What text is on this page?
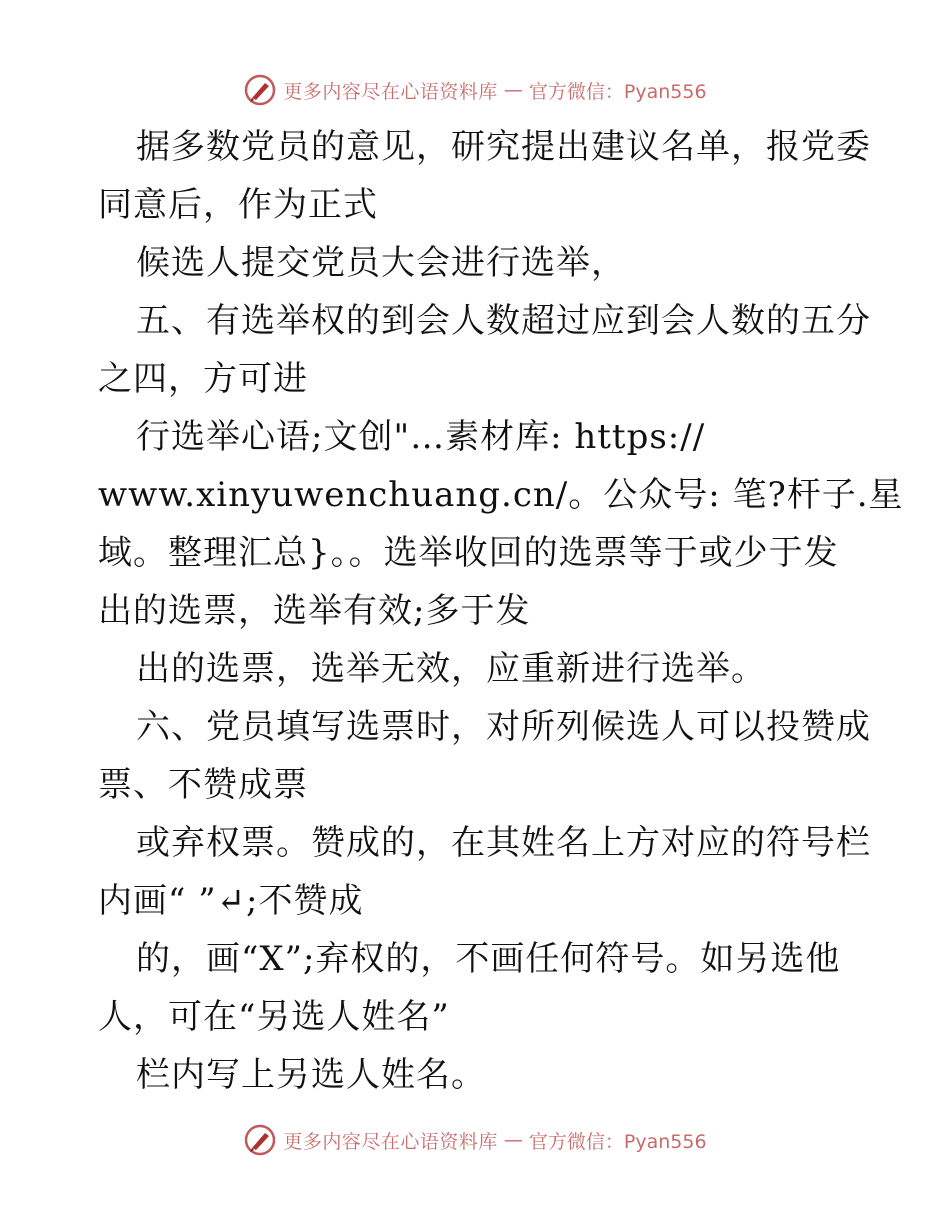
更多内容尽在心语资料库 — 官方微信：Pyan556
据多数党员的意见，研究提出建议名单，报党委
同意后，作为正式
候选人提交党员大会进行选举，
五、有选举权的到会人数超过应到会人数的五分
之四，方可进
行选举心语;文创"…素材库: https://
www.xinyuwenchuang.cn/。公众号: 笔?杆子.星
域。整理汇总}。。选举收回的选票等于或少于发
出的选票，选举有效;多于发
出的选票，选举无效，应重新进行选举。
六、党员填写选票时，对所列候选人可以投赞成
票、不赞成票
或弃权票。赞成的，在其姓名上方对应的符号栏
内画“ ”↵;不赞成
的，画“X”;弃权的，不画任何符号。如另选他
人，可在“另选人姓名”
栏内写上另选人姓名。
更多内容尽在心语资料库 — 官方微信：Pyan556
